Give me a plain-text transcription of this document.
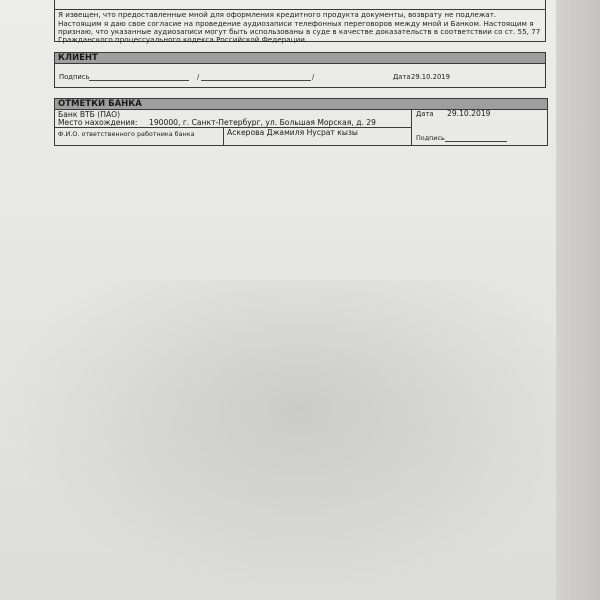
Я извещен, что предоставленные мной для оформления кредитного продукта документы, возврату не подлежат.

Настоящим я даю свое согласие на проведение аудиозаписи телефонных переговоров между мной и Банком. Настоящим я

признаю, что указанные аудиозаписи могут быть использованы в суде в качестве доказательств в соответствии со ст. 55, 77

Гражданского процессуального кодекса Российской Федерации.

КЛИЕНТ
Подпись	/	/	Дата 29.10.2019
ОТМЕТКИ БАНКА
Банк ВТБ (ПАО)
Место нахождения: 190000, г. Санкт-Петербург, ул. Большая Морская, д. 29
Дата 29.10.2019
Ф.И.О. ответственного работника банка	Аскерова Джамиля Нусрат кызы
Подпись
